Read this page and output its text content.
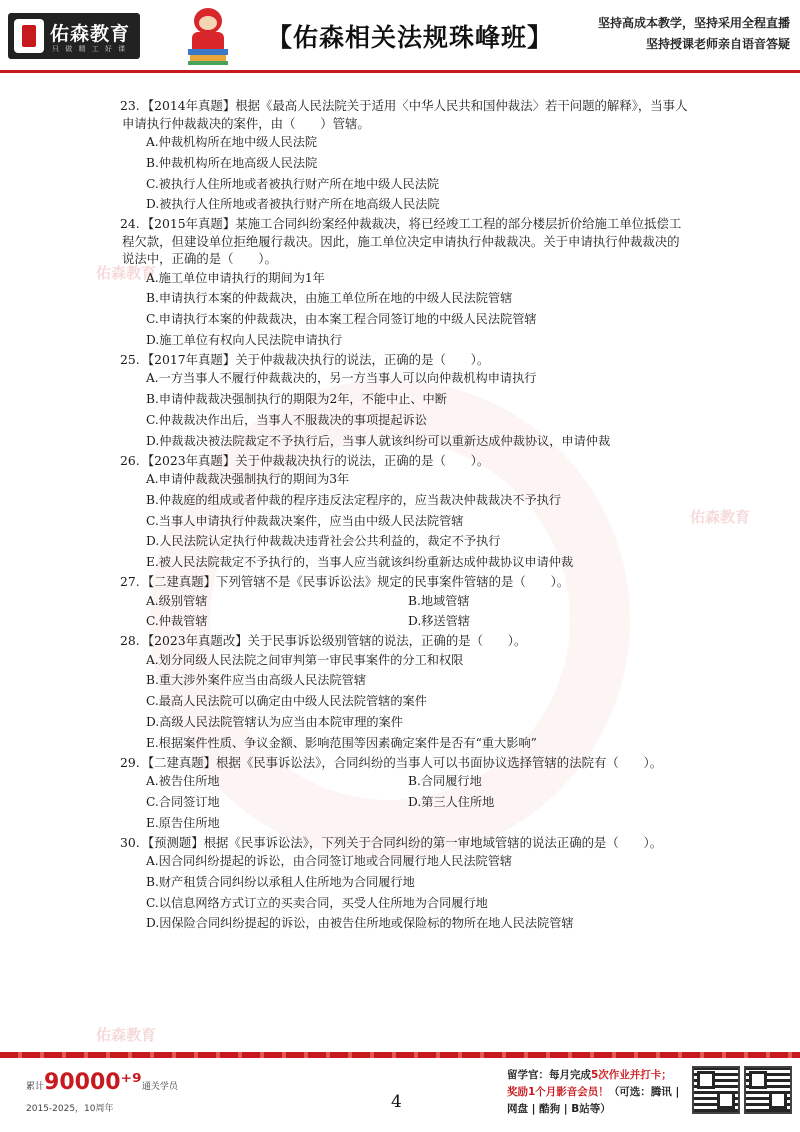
佑森教育
佑森教育
佑森教育
佑森教育
只 做 精 工 好 课	【佑森相关法规珠峰班】	坚持高成本教学，坚持采用全程直播
坚持授课老师亲自语音答疑
23. 【2014年真题】根据《最高人民法院关于适用〈中华人民共和国仲裁法〉若干问题的解释》，当事人申请执行仲裁裁决的案件，由（　　）管辖。
A.仲裁机构所在地中级人民法院
B.仲裁机构所在地高级人民法院
C.被执行人住所地或者被执行财产所在地中级人民法院
D.被执行人住所地或者被执行财产所在地高级人民法院
24. 【2015年真题】某施工合同纠纷案经仲裁裁决，将已经竣工工程的部分楼层折价给施工单位抵偿工程欠款，但建设单位拒绝履行裁决。因此，施工单位决定申请执行仲裁裁决。关于申请执行仲裁裁决的说法中，正确的是（　　）。
A.施工单位申请执行的期间为1年
B.申请执行本案的仲裁裁决，由施工单位所在地的中级人民法院管辖
C.申请执行本案的仲裁裁决，由本案工程合同签订地的中级人民法院管辖
D.施工单位有权向人民法院申请执行
25. 【2017年真题】关于仲裁裁决执行的说法，正确的是（　　）。
A.一方当事人不履行仲裁裁决的，另一方当事人可以向仲裁机构申请执行
B.申请仲裁裁决强制执行的期限为2年，不能中止、中断
C.仲裁裁决作出后，当事人不服裁决的事项提起诉讼
D.仲裁裁决被法院裁定不予执行后，当事人就该纠纷可以重新达成仲裁协议，申请仲裁
26. 【2023年真题】关于仲裁裁决执行的说法，正确的是（　　）。
A.申请仲裁裁决强制执行的期间为3年
B.仲裁庭的组成或者仲裁的程序违反法定程序的，应当裁决仲裁裁决不予执行
C.当事人申请执行仲裁裁决案件，应当由中级人民法院管辖
D.人民法院认定执行仲裁裁决违背社会公共利益的，裁定不予执行
E.被人民法院裁定不予执行的，当事人应当就该纠纷重新达成仲裁协议申请仲裁
27. 【二建真题】下列管辖不是《民事诉讼法》规定的民事案件管辖的是（　　）。
A.级别管辖	B.地域管辖
C.仲裁管辖	D.移送管辖
28. 【2023年真题改】关于民事诉讼级别管辖的说法，正确的是（　　）。
A.划分同级人民法院之间审判第一审民事案件的分工和权限
B.重大涉外案件应当由高级人民法院管辖
C.最高人民法院可以确定由中级人民法院管辖的案件
D.高级人民法院管辖认为应当由本院审理的案件
E.根据案件性质、争议金额、影响范围等因素确定案件是否有“重大影响”
29. 【二建真题】根据《民事诉讼法》，合同纠纷的当事人可以书面协议选择管辖的法院有（　　）。
A.被告住所地	B.合同履行地
C.合同签订地	D.第三人住所地
E.原告住所地
30. 【预测题】根据《民事诉讼法》，下列关于合同纠纷的第一审地域管辖的说法正确的是（　　）。
A.因合同纠纷提起的诉讼，由合同签订地或合同履行地人民法院管辖
B.财产租赁合同纠纷以承租人住所地为合同履行地
C.以信息网络方式订立的买卖合同，买受人住所地为合同履行地
D.因保险合同纠纷提起的诉讼，由被告住所地或保险标的物所在地人民法院管辖
累计90000⁺⁹通关学员
2015-2025，10周年	4
留学官：每月完成5次作业并打卡；
奖励1个月影音会员！（可选：腾讯 |
网盘 | 酷狗 | B站等）
